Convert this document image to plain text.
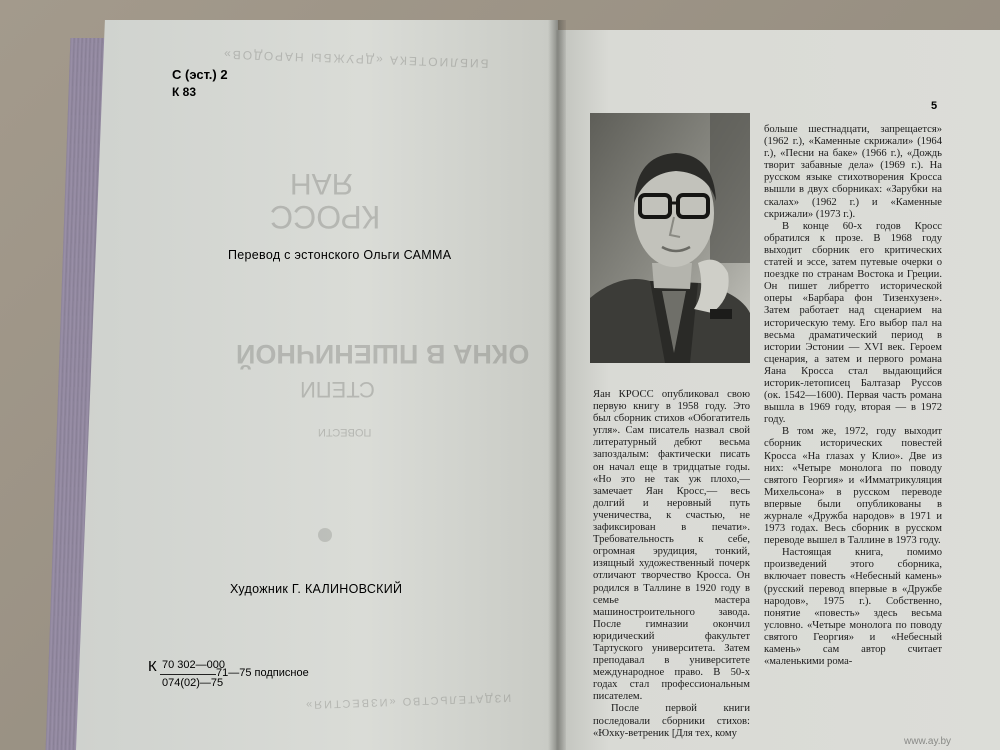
С (эст.) 2

К 83

БИБЛИОТЕКА «ДРУЖБЫ НАРОДОВ»

ЯАН

КРОСС

ОКНА В ПШЕНИЧНОЙ

СТЕПИ

ПОВЕСТИ

ИЗДАТЕЛЬСТВО «ИЗВЕСТИЯ»

Перевод с эстонского Ольги САММА

Художник Г. КАЛИНОВСКИЙ

К 70 302—000

074(02)—75

71—75 подписное

5

Яан КРОСС опубликовал свою первую книгу в 1958 году. Это был сборник стихов «Обогатитель угля». Сам писатель назвал свой литературный дебют весьма запоздалым: фактически писать он начал еще в тридцатые годы. «Но это не так уж плохо,— замечает Яан Кросс,— весь долгий и неровный путь ученичества, к счастью, не зафиксирован в печати». Требовательность к себе, огромная эрудиция, тонкий, изящный художественный почерк отличают творчество Кросса. Он родился в Таллине в 1920 году в семье мастера машиностроительного завода. После гимназии окончил юридический факультет Тартуского университета. Затем преподавал в университете международное право. В 50-х годах стал профессиональным писателем.

После первой книги последовали сборники стихов: «Юхку-ветреник [Для тех, кому

больше шестнадцати, запрещается» (1962 г.), «Каменные скрижали» (1964 г.), «Песни на баке» (1966 г.), «Дождь творит забавные дела» (1969 г.). На русском языке стихотворения Кросса вышли в двух сборниках: «Зарубки на скалах» (1962 г.) и «Каменные скрижали» (1973 г.).

В конце 60-х годов Кросс обратился к прозе. В 1968 году выходит сборник его критических статей и эссе, затем путевые очерки о поездке по странам Востока и Греции. Он пишет либретто исторической оперы «Барбара фон Тизенхузен». Затем работает над сценарием на историческую тему. Его выбор пал на весьма драматический период в истории Эстонии — XVI век. Героем сценария, а затем и первого романа Яана Кросса стал выдающийся историк-летописец Балтазар Руссов (ок. 1542—1600). Первая часть романа вышла в 1969 году, вторая — в 1972 году.

В том же, 1972, году выходит сборник исторических повестей Кросса «На глазах у Клио». Две из них: «Четыре монолога по поводу святого Георгия» и «Имматрикуляция Михельсона» в русском переводе впервые были опубликованы в журнале «Дружба народов» в 1971 и 1973 годах. Весь сборник в русском переводе вышел в Таллине в 1973 году.

Настоящая книга, помимо произведений этого сборника, включает повесть «Небесный камень» (русский перевод впервые в «Дружбе народов», 1975 г.). Собственно, понятие «повесть» здесь весьма условно. «Четыре монолога по поводу святого Георгия» и «Небесный камень» сам автор считает «маленькими рома-

www.ay.by
